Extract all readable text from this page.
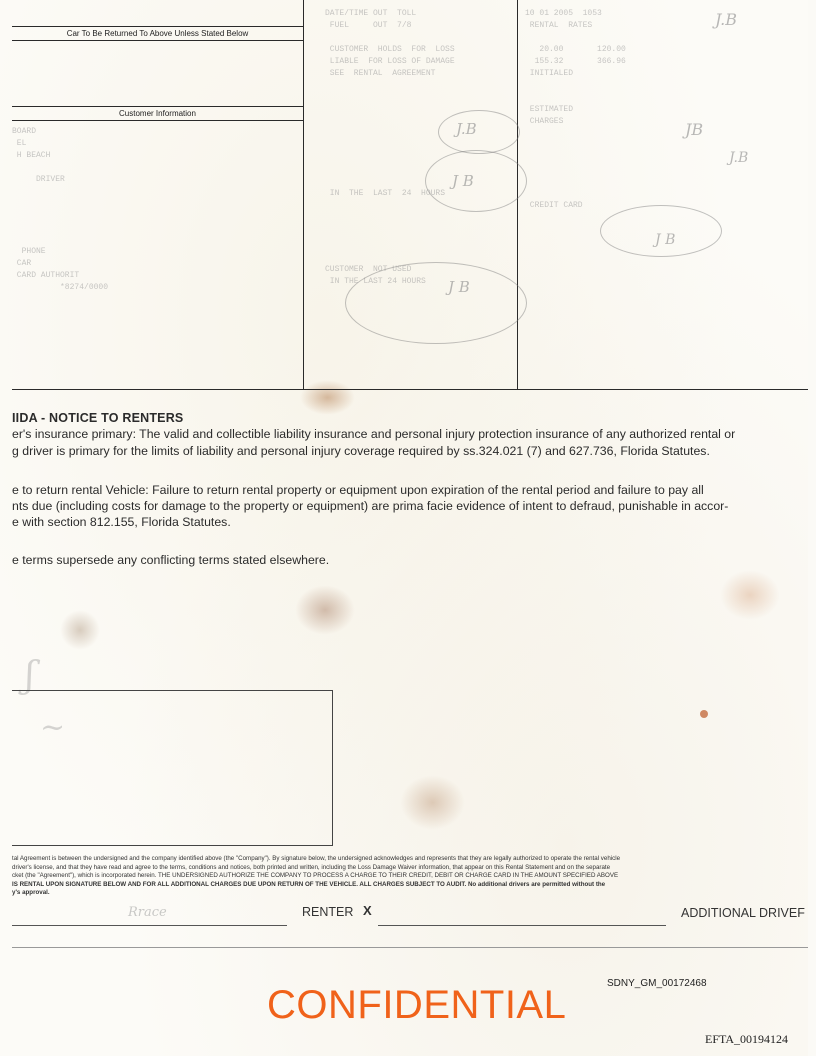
Car To Be Returned To Above Unless Stated Below
Customer Information
DATE/TIME OUT  TOLL
FUEL     OUT  7/8

CUSTOMER  HOLDS  FOR  LOSS
LIABLE  FOR LOSS OF DAMAGE
SEE  RENTAL  AGREEMENT

IN  THE  LAST  24  HOURS
10 01 2005  1053
RENTAL  RATES

20.00       120.00
155.32       366.96
INITIALED

ESTIMATED
CHARGES

CREDIT CARD
BOARD
EL
H BEACH

DRIVER
PHONE
CAR
CARD AUTHORIT
*8274/0000
CUSTOMER  NOT USED
IN THE LAST 24 HOURS
J.B
J B
J B
J.B
JB
J.B
J B
IIDA - NOTICE TO RENTERS
er's insurance primary: The valid and collectible liability insurance and personal injury protection insurance of any authorized rental or
g driver is primary for the limits of liability and personal injury coverage required by ss.324.021 (7) and 627.736, Florida Statutes.
e to return rental Vehicle: Failure to return rental property or equipment upon expiration of the rental period and failure to pay all
nts due (including costs for damage to the property or equipment) are prima facie evidence of intent to defraud, punishable in accor-
e with section 812.155, Florida Statutes.
e terms supersede any conflicting terms stated elsewhere.
ʃ
~
tal Agreement is between the undersigned and the company identified above (the "Company"). By signature below, the undersigned acknowledges and represents that they are legally authorized to operate the rental vehicle
driver's license, and that they have read and agree to the terms, conditions and notices, both printed and written, including the Loss Damage Waiver information, that appear on this Rental Statement and on the separate
cket (the "Agreement"), which is incorporated herein. THE UNDERSIGNED AUTHORIZE THE COMPANY TO PROCESS A CHARGE TO THEIR CREDIT, DEBIT OR CHARGE CARD IN THE AMOUNT SPECIFIED ABOVE
IS RENTAL UPON SIGNATURE BELOW AND FOR ALL ADDITIONAL CHARGES DUE UPON RETURN OF THE VEHICLE. ALL CHARGES SUBJECT TO AUDIT. No additional drivers are permitted without the
y's approval.
Rrace	RENTER X	ADDITIONAL DRIVEF
SDNY_GM_00172468
CONFIDENTIAL
EFTA_00194124
